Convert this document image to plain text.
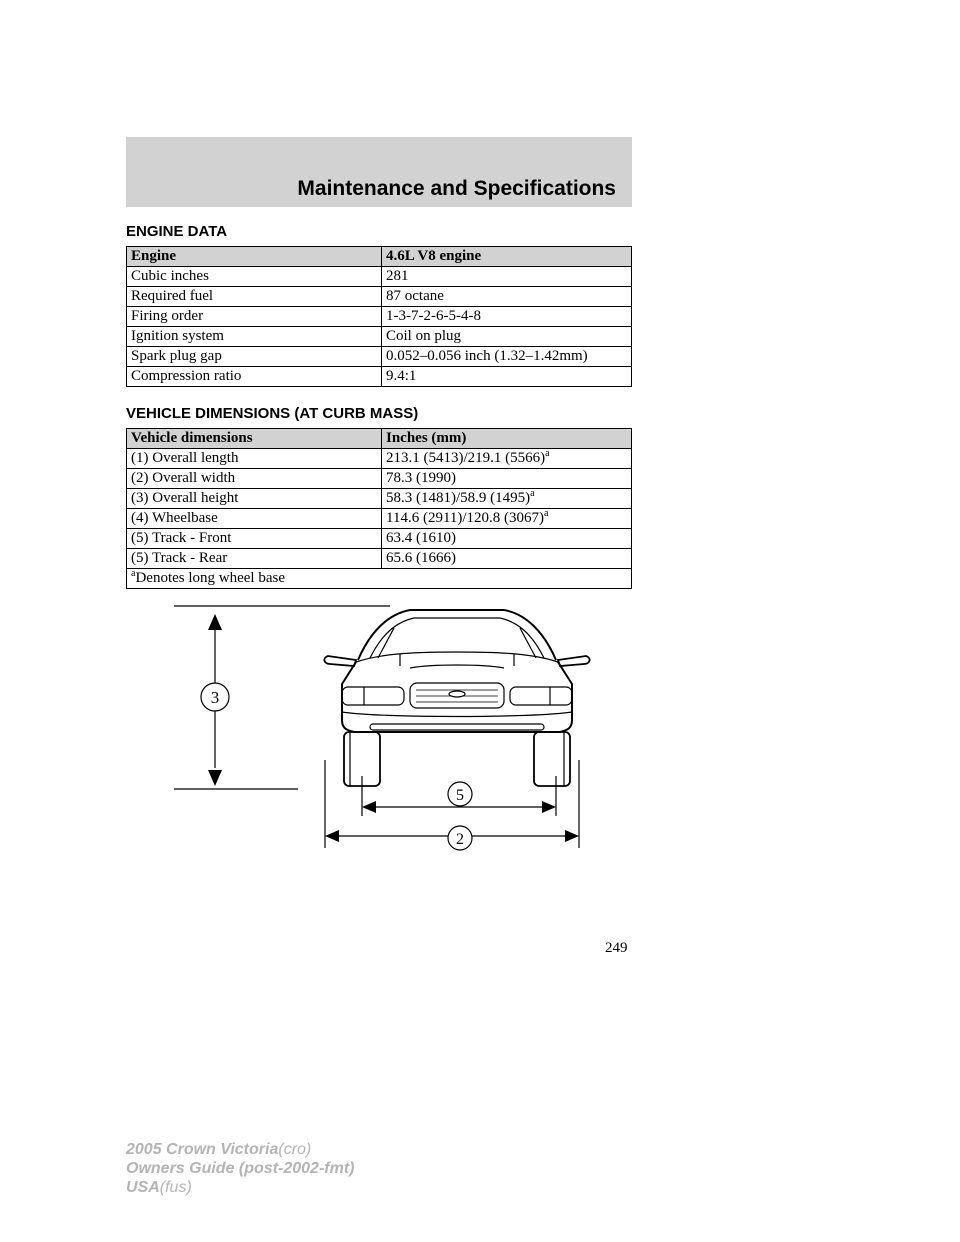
Maintenance and Specifications
ENGINE DATA
Engine	4.6L V8 engine
Cubic inches	281
Required fuel	87 octane
Firing order	1-3-7-2-6-5-4-8
Ignition system	Coil on plug
Spark plug gap	0.052–0.056 inch (1.32–1.42mm)
Compression ratio	9.4:1
VEHICLE DIMENSIONS (AT CURB MASS)
Vehicle dimensions	Inches (mm)
(1) Overall length	213.1 (5413)/219.1 $(5566)^a$
(2) Overall width	78.3 (1990)
(3) Overall height	58.3 (1481)/58.9 $(1495)^a$
(4) Wheelbase	114.6 (2911)/120.8 $(3067)^a$
(5) Track - Front	63.4 (1610)
(5) Track - Rear	65.6 (1666)
$^a$Denotes long wheel base	
3
5
2
249
2005 Crown Victoria(cro)
Owners Guide (post-2002-fmt)
USA(fus)
